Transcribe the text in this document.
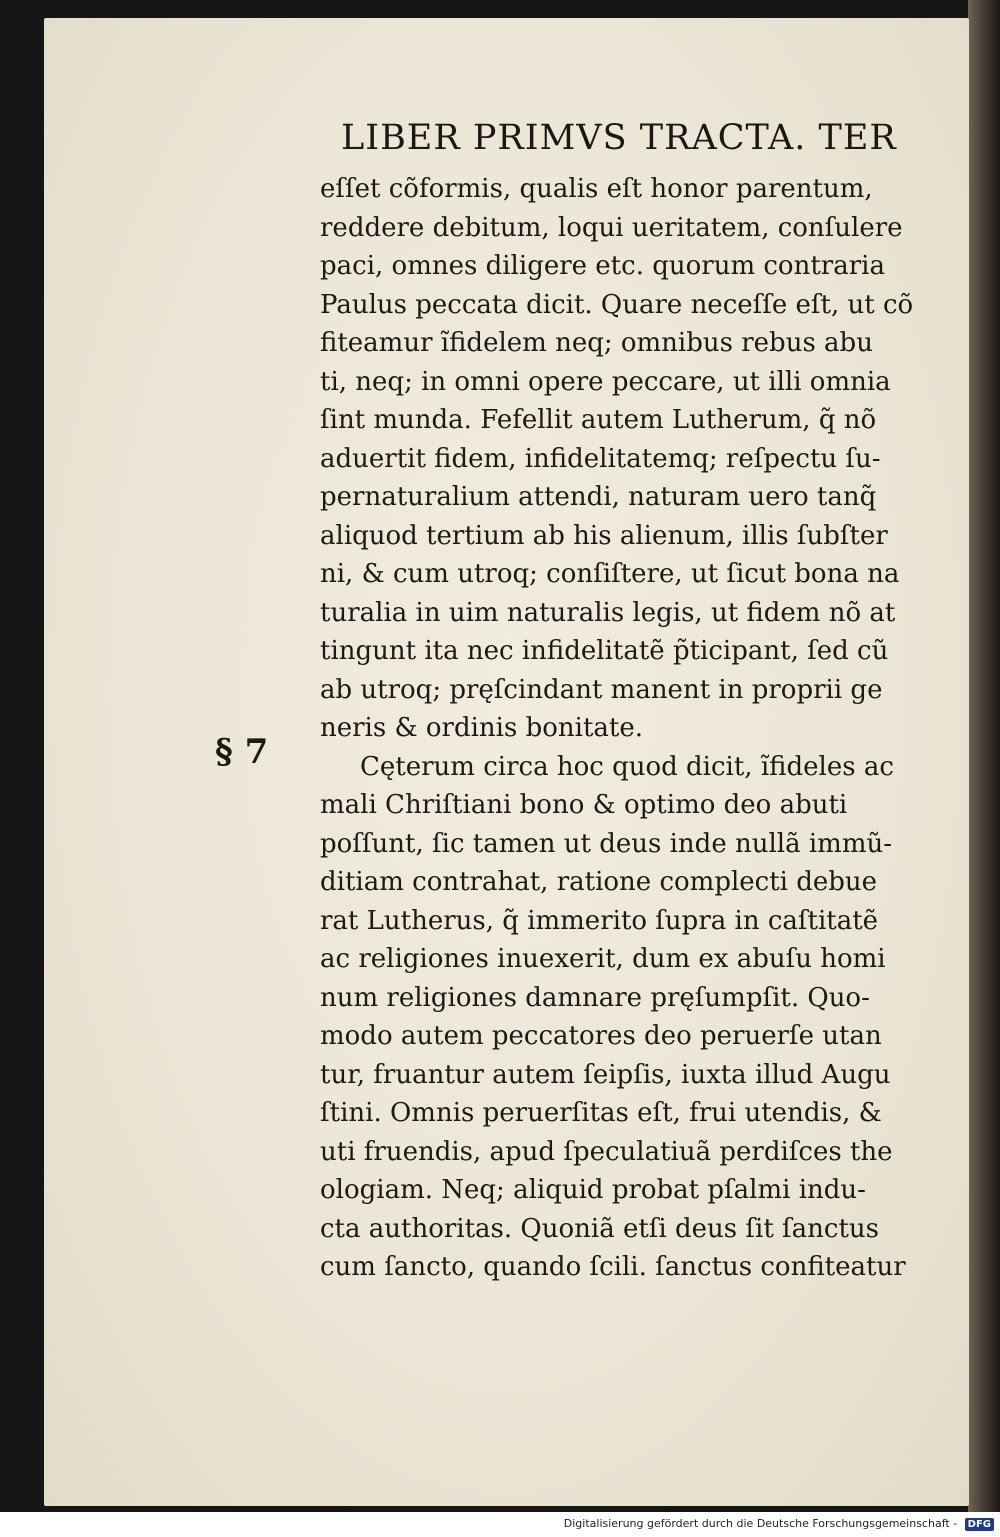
LIBER PRIMVS TRACTA. TER
§ 7
eſſet cõformis, qualis eſt honor parentum,
reddere debitum, loqui ueritatem, conſulere
paci, omnes diligere etc. quorum contraria
Paulus peccata dicit. Quare neceſſe eſt, ut cõ
fiteamur ĩfidelem neq; omnibus rebus abu
ti, neq; in omni opere peccare, ut illi omnia
ſint munda. Fefellit autem Lutherum, q̃ nõ
aduertit fidem, infidelitatemq; reſpectu ſu-
pernaturalium attendi, naturam uero tanq̃
aliquod tertium ab his alienum, illis ſubſter
ni, & cum utroq; conſiſtere, ut ſicut bona na
turalia in uim naturalis legis, ut fidem nõ at
tingunt ita nec infidelitatẽ p̃ticipant, ſed cũ
ab utroq; pręſcindant manent in proprii ge
neris & ordinis bonitate.
Cęterum circa hoc quod dicit, ĩfideles ac
mali Chriſtiani bono & optimo deo abuti
poſſunt, ſic tamen ut deus inde nullã immũ-
ditiam contrahat, ratione complecti debue
rat Lutherus, q̃ immerito ſupra in caſtitatẽ
ac religiones inuexerit, dum ex abuſu homi
num religiones damnare pręſumpſit. Quo-
modo autem peccatores deo peruerſe utan
tur, fruantur autem ſeipſis, iuxta illud Augu
ſtini. Omnis peruerſitas eſt, frui utendis, &
uti fruendis, apud ſpeculatiuã perdiſces the
ologiam. Neq; aliquid probat pſalmi indu-
cta authoritas. Quoniã etſi deus ſit ſanctus
cum ſancto, quando ſcili. ſanctus confiteatur
Digitalisierung gefördert durch die Deutsche Forschungsgemeinschaft - DFG
